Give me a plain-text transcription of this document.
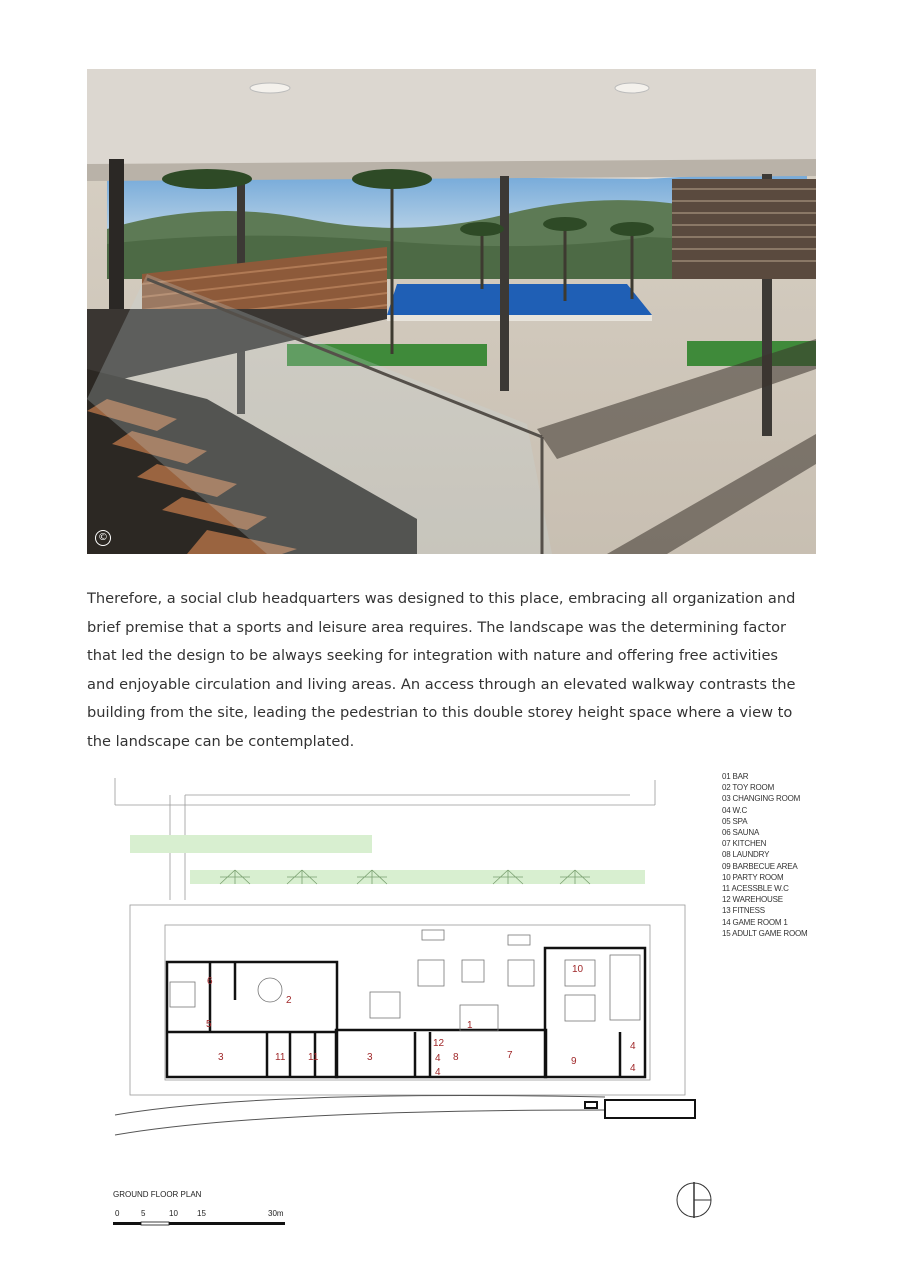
©

Therefore, a social club headquarters was designed to this place, embracing all organization and brief premise that a sports and leisure area requires. The landscape was the determining factor that led the design to be always seeking for integration with nature and offering free activities and enjoyable circulation and living areas. An access through an elevated walkway contrasts the building from the site, leading the pedestrian to this double storey height space where a view to the landscape can be contemplated.

1
2
3	3	4
4
4
4
5
6
7
8	9
10
11 11
12
01 BAR
02 TOY ROOM
03 CHANGING ROOM
04 W.C
05 SPA
06 SAUNA
07 KITCHEN
08 LAUNDRY
09 BARBECUE AREA
10 PARTY ROOM
11 ACESSBLE W.C
12 WAREHOUSE
13 FITNESS
14 GAME ROOM 1
15 ADULT GAME ROOM
GROUND FLOOR PLAN
0	5	10 15	30m
